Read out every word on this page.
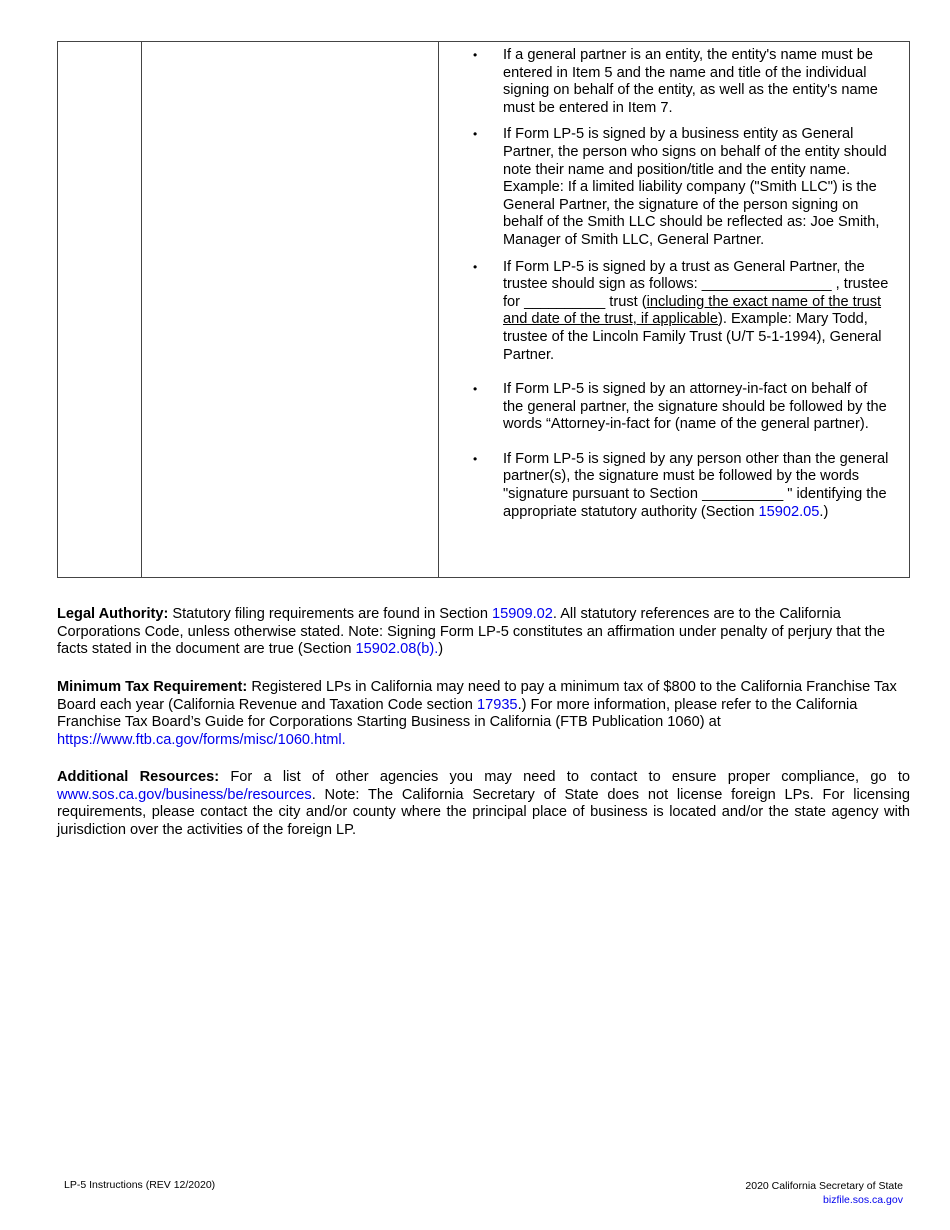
•	If a general partner is an entity, the entity's name must be entered in Item 5 and the name and title of the individual signing on behalf of the entity, as well as the entity's name must be entered in Item 7.
•	If Form LP-5 is signed by a business entity as General Partner, the person who signs on behalf of the entity should note their name and position/title and the entity name. Example: If a limited liability company ("Smith LLC") is the General Partner, the signature of the person signing on behalf of the Smith LLC should be reflected as: Joe Smith, Manager of Smith LLC, General Partner.
•	If Form LP-5 is signed by a trust as General Partner, the trustee should sign as follows: ________________ , trustee for __________ trust (including the exact name of the trust and date of the trust, if applicable). Example: Mary Todd, trustee of the Lincoln Family Trust (U/T 5-1-1994), General Partner.
•	If Form LP-5 is signed by an attorney-in-fact on behalf of the general partner, the signature should be followed by the words “Attorney-in-fact for (name of the general partner).
•	If Form LP-5 is signed by any person other than the general partner(s), the signature must be followed by the words "signature pursuant to Section __________ " identifying the appropriate statutory authority (Section 15902.05.)

Legal Authority: Statutory filing requirements are found in Section 15909.02. All statutory references are to the California Corporations Code, unless otherwise stated. Note: Signing Form LP-5 constitutes an affirmation under penalty of perjury that the facts stated in the document are true (Section 15902.08(b).)

Minimum Tax Requirement: Registered LPs in California may need to pay a minimum tax of $800 to the California Franchise Tax Board each year (California Revenue and Taxation Code section 17935.) For more information, please refer to the California Franchise Tax Board’s Guide for Corporations Starting Business in California (FTB Publication 1060) at https://www.ftb.ca.gov/forms/misc/1060.html.

Additional Resources: For a list of other agencies you may need to contact to ensure proper compliance, go to www.sos.ca.gov/business/be/resources. Note: The California Secretary of State does not license foreign LPs. For licensing requirements, please contact the city and/or county where the principal place of business is located and/or the state agency with jurisdiction over the activities of the foreign LP.

LP-5 Instructions (REV 12/2020)	2020 California Secretary of State
bizfile.sos.ca.gov
